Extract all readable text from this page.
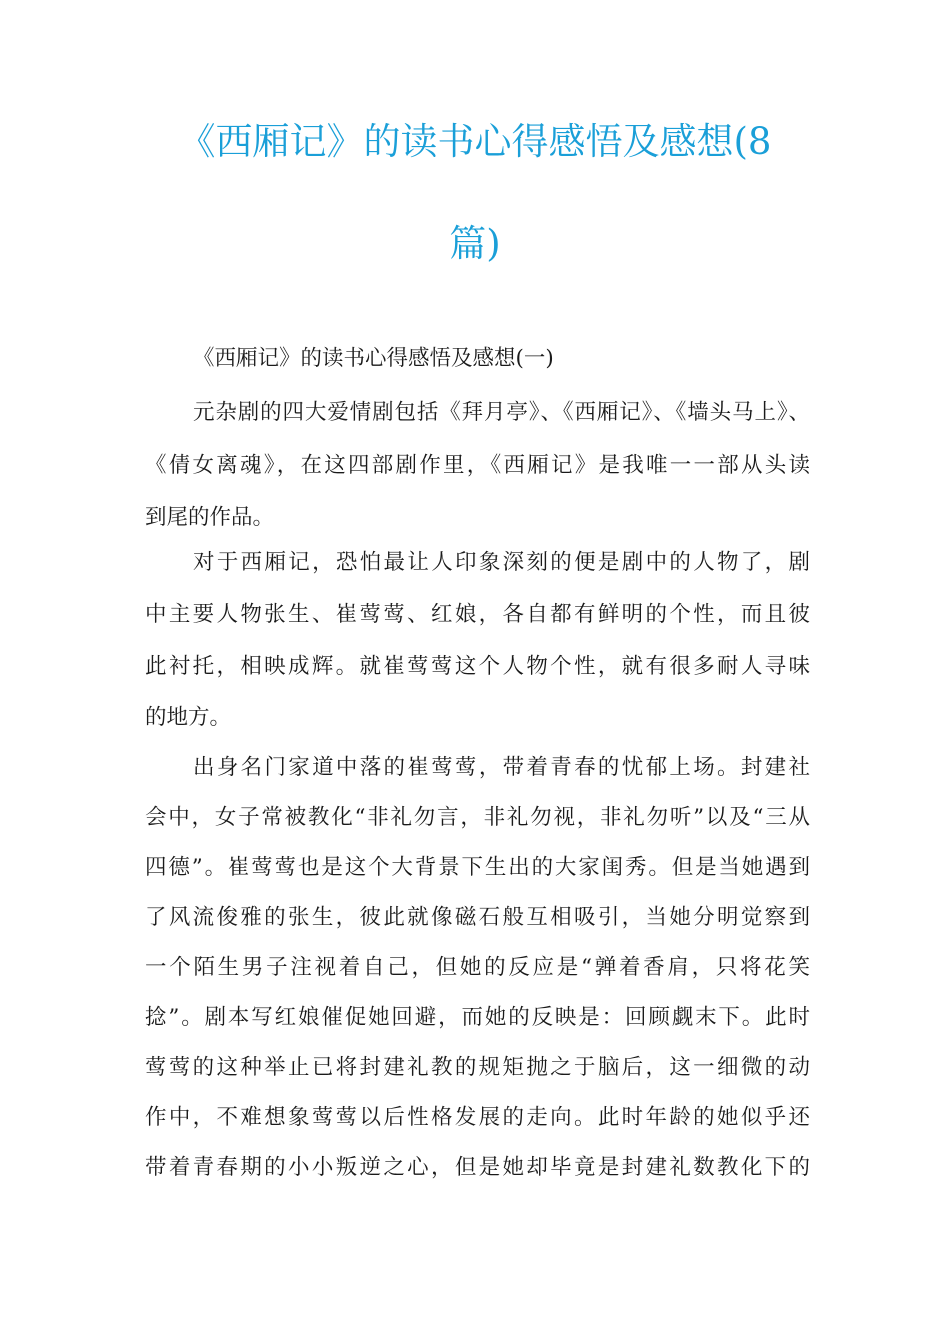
《西厢记》的读书心得感悟及感想(8
篇)
《西厢记》的读书心得感悟及感想(一)
元杂剧的四大爱情剧包括《拜月亭》、《西厢记》、《墙头马上》、
《倩女离魂》，在这四部剧作里，《西厢记》是我唯一一部从头读
到尾的作品。
对于西厢记，恐怕最让人印象深刻的便是剧中的人物了，剧
中主要人物张生、崔莺莺、红娘，各自都有鲜明的个性，而且彼
此衬托，相映成辉。就崔莺莺这个人物个性，就有很多耐人寻味
的地方。
出身名门家道中落的崔莺莺，带着青春的忧郁上场。封建社
会中，女子常被教化“非礼勿言，非礼勿视，非礼勿听”以及“三从
四德”。崔莺莺也是这个大背景下生出的大家闺秀。但是当她遇到
了风流俊雅的张生，彼此就像磁石般互相吸引，当她分明觉察到
一个陌生男子注视着自己，但她的反应是“亸着香肩，只将花笑
捻”。剧本写红娘催促她回避，而她的反映是：回顾觑末下。此时
莺莺的这种举止已将封建礼教的规矩抛之于脑后，这一细微的动
作中，不难想象莺莺以后性格发展的走向。此时年龄的她似乎还
带着青春期的小小叛逆之心，但是她却毕竟是封建礼数教化下的
